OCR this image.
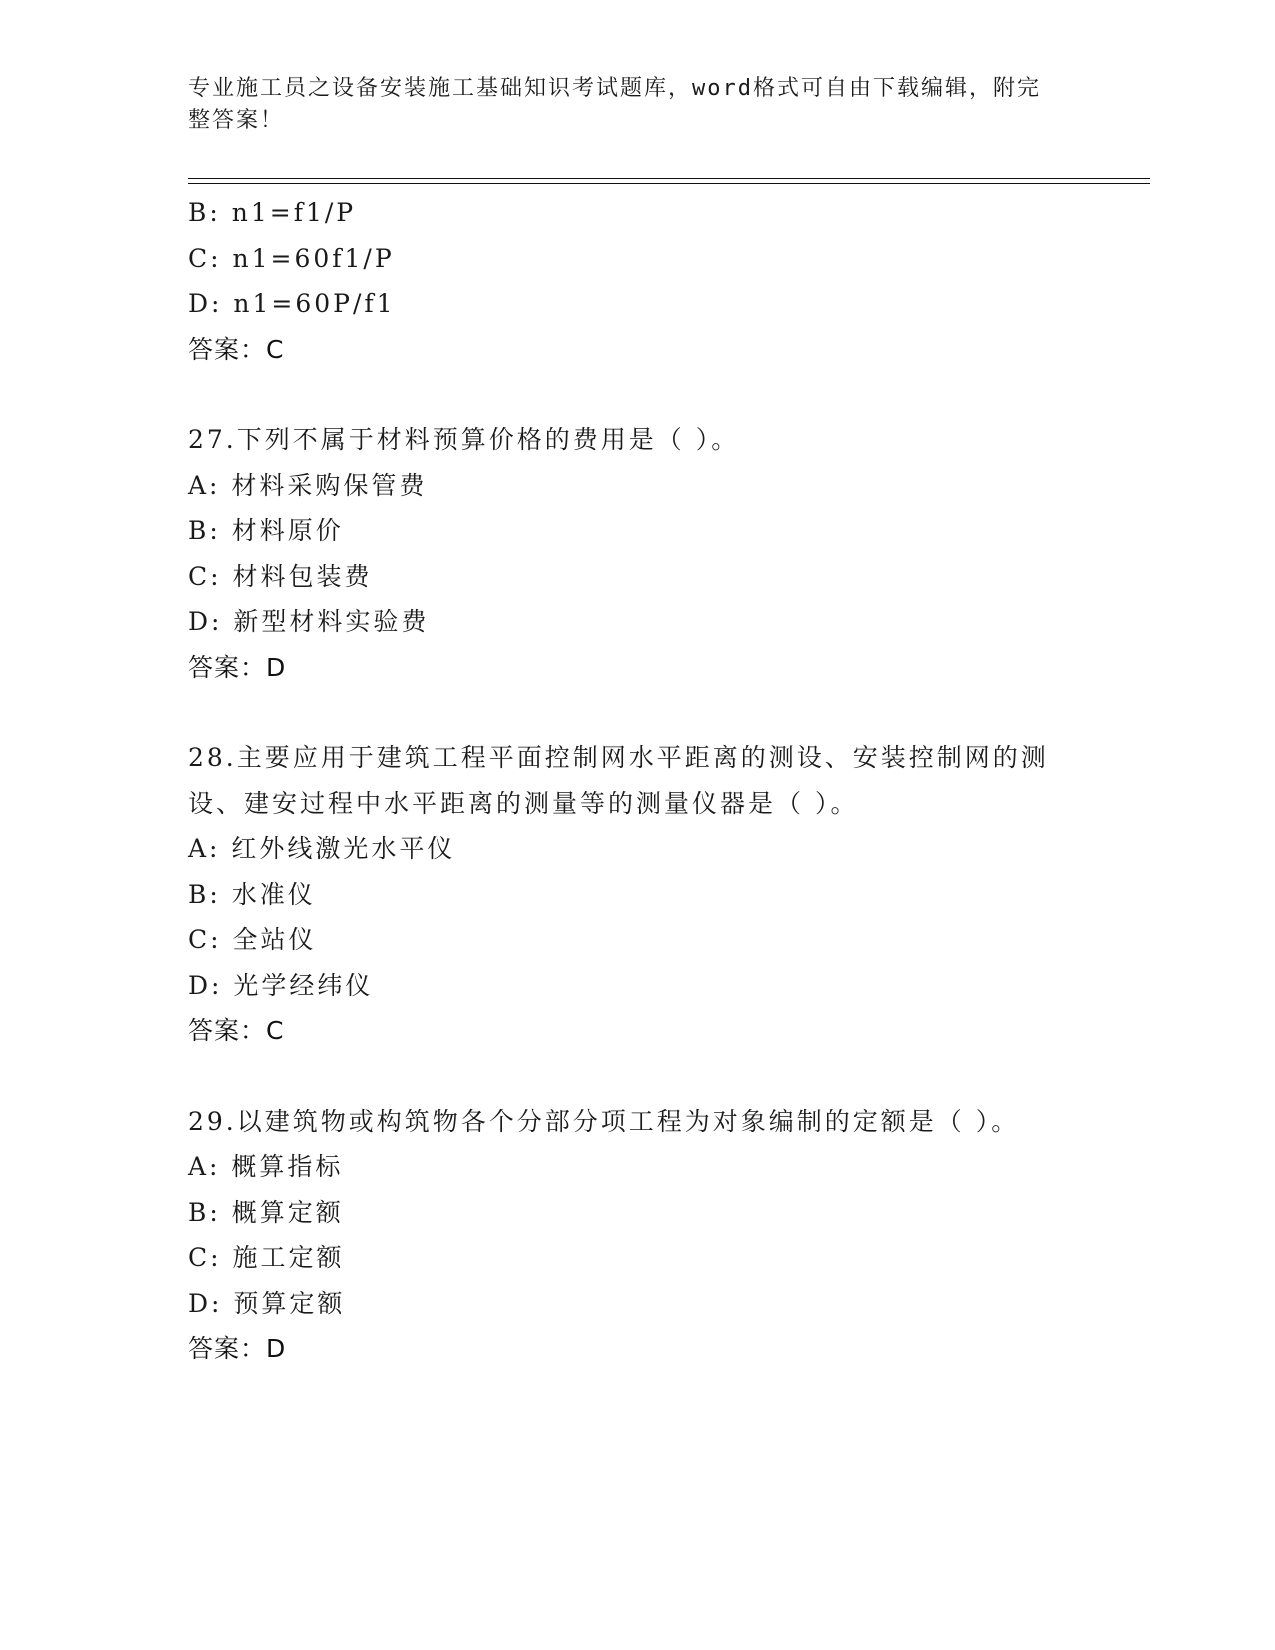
专业施工员之设备安装施工基础知识考试题库，word格式可自由下载编辑，附完
整答案！
B: n1=f1/P
C: n1=60f1/P
D: n1=60P/f1
答案：C
27.下列不属于材料预算价格的费用是（ ）。
A: 材料采购保管费
B: 材料原价
C: 材料包装费
D: 新型材料实验费
答案：D
28.主要应用于建筑工程平面控制网水平距离的测设、安装控制网的测
设、建安过程中水平距离的测量等的测量仪器是（ ）。
A: 红外线激光水平仪
B: 水准仪
C: 全站仪
D: 光学经纬仪
答案：C
29.以建筑物或构筑物各个分部分项工程为对象编制的定额是（ ）。
A: 概算指标
B: 概算定额
C: 施工定额
D: 预算定额
答案：D
